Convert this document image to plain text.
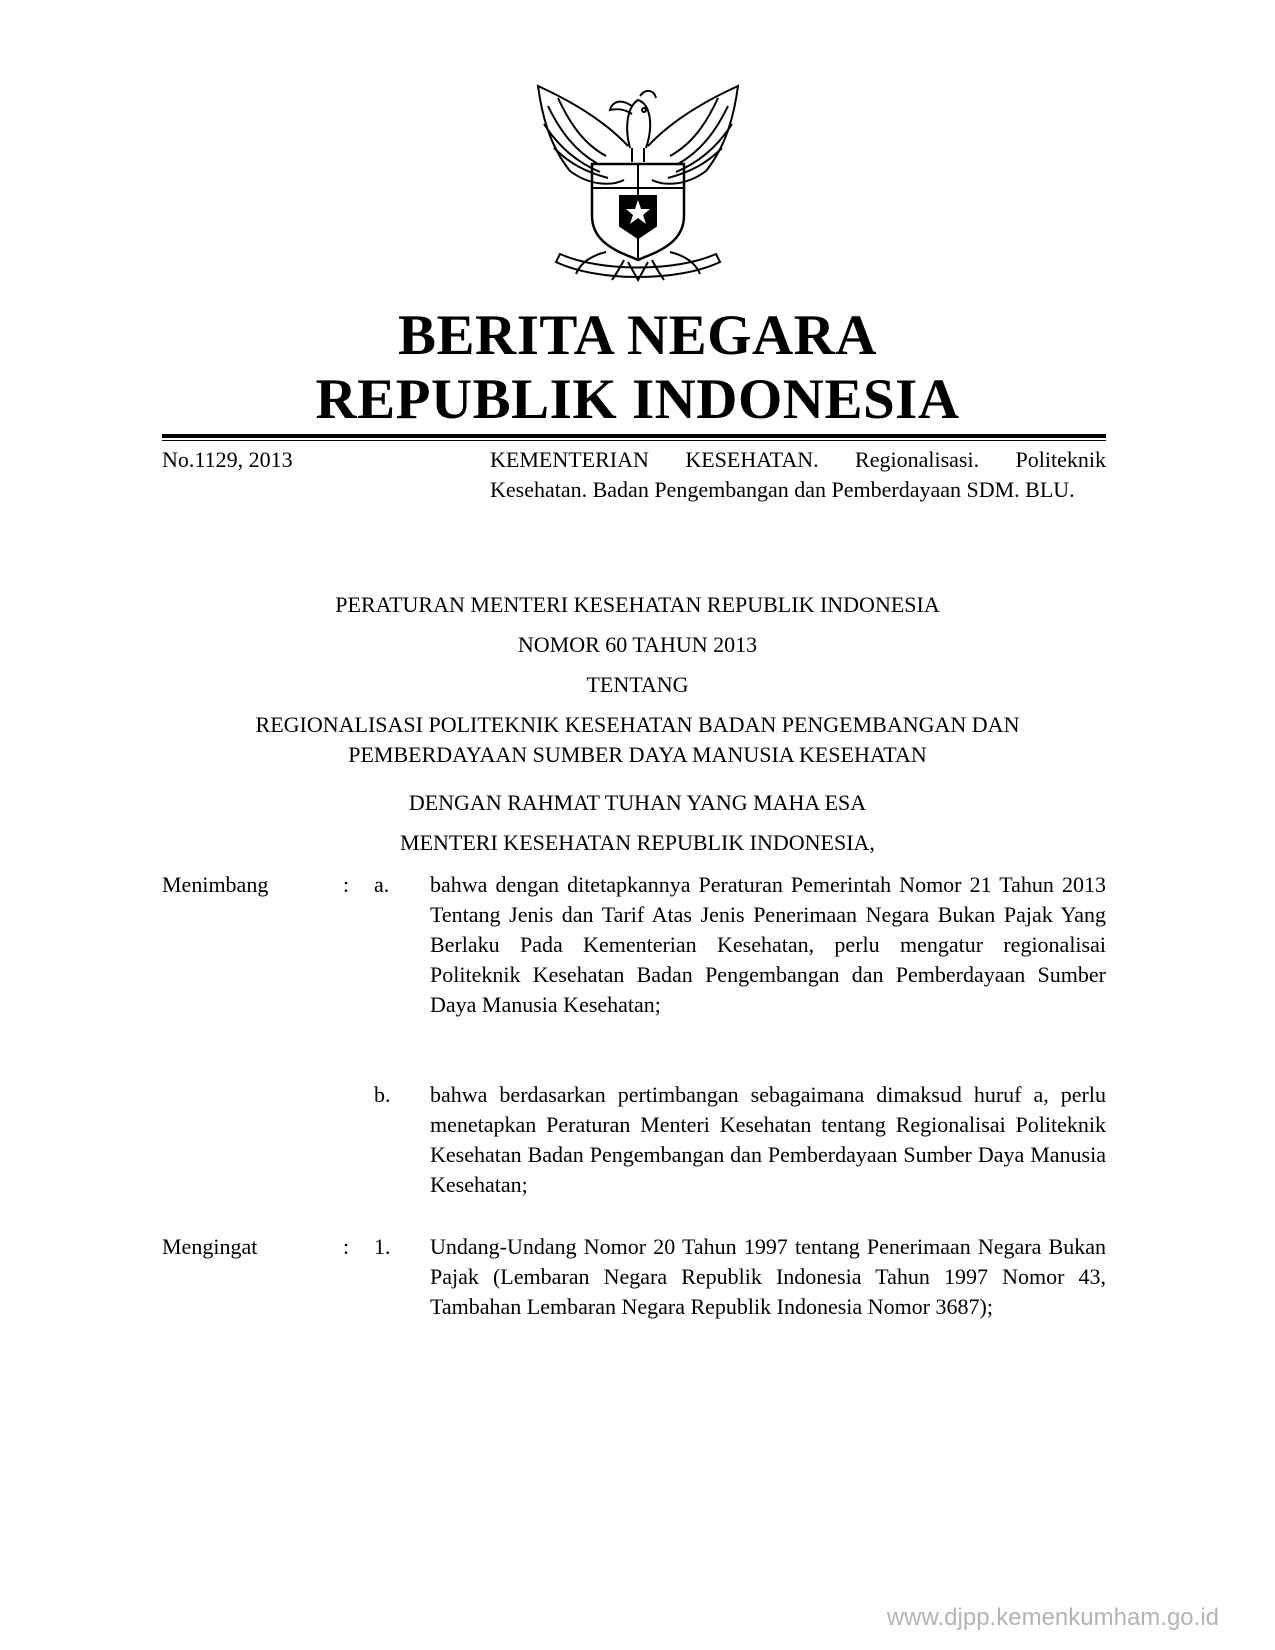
BERITA NEGARA
REPUBLIK INDONESIA
No.1129, 2013	KEMENTERIAN KESEHATAN. Regionalisasi. Politeknik Kesehatan. Badan Pengembangan dan Pemberdayaan SDM. BLU.
PERATURAN MENTERI KESEHATAN REPUBLIK INDONESIA
NOMOR 60 TAHUN 2013
TENTANG
REGIONALISASI POLITEKNIK KESEHATAN BADAN PENGEMBANGAN DAN
PEMBERDAYAAN SUMBER DAYA MANUSIA KESEHATAN
DENGAN RAHMAT TUHAN YANG MAHA ESA
MENTERI KESEHATAN REPUBLIK INDONESIA,
Menimbang	: a. bahwa dengan ditetapkannya Peraturan Pemerintah Nomor 21 Tahun 2013 Tentang Jenis dan Tarif Atas Jenis Penerimaan Negara Bukan Pajak Yang Berlaku Pada Kementerian Kesehatan, perlu mengatur regionalisai Politeknik Kesehatan Badan Pengembangan dan Pemberdayaan Sumber Daya Manusia Kesehatan;
b. bahwa berdasarkan pertimbangan sebagaimana dimaksud huruf a, perlu menetapkan Peraturan Menteri Kesehatan tentang Regionalisai Politeknik Kesehatan Badan Pengembangan dan Pemberdayaan Sumber Daya Manusia Kesehatan;
Mengingat	: 1. Undang-Undang Nomor 20 Tahun 1997 tentang Penerimaan Negara Bukan Pajak (Lembaran Negara Republik Indonesia Tahun 1997 Nomor 43, Tambahan Lembaran Negara Republik Indonesia Nomor 3687);
www.djpp.kemenkumham.go.id
